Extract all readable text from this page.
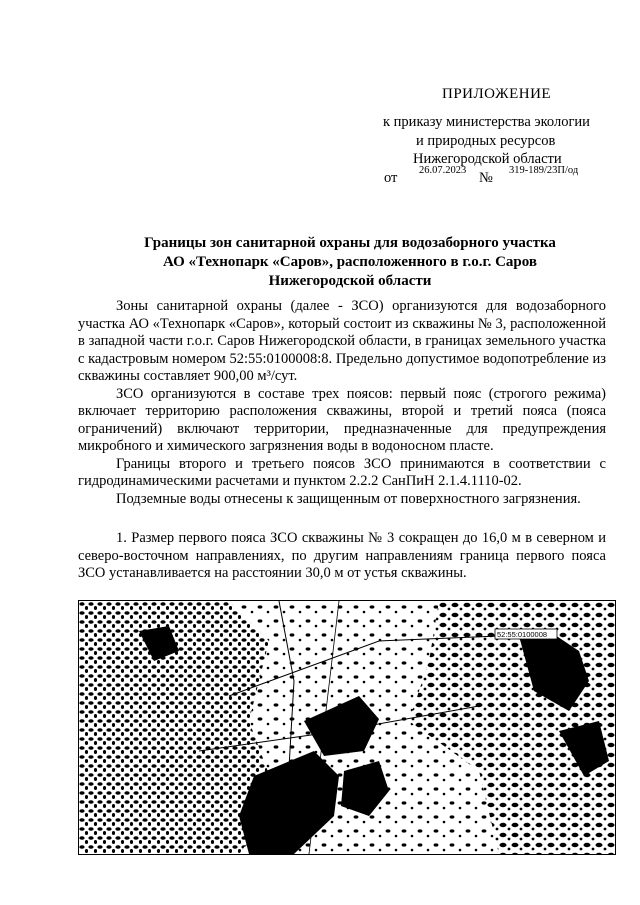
ПРИЛОЖЕНИЕ
к приказу министерства экологии
и природных ресурсов
Нижегородской области
от 26.07.2023 № 319-189/23П/од
Границы зон санитарной охраны для водозаборного участка
АО «Технопарк «Саров», расположенного в г.о.г. Саров
Нижегородской области

Зоны санитарной охраны (далее - ЗСО) организуются для водозаборного участка АО «Технопарк «Саров», который состоит из скважины № 3, расположенной в западной части г.о.г. Саров Нижегородской области, в границах земельного участка с кадастровым номером 52:55:0100008:8. Предельно допустимое водопотребление из скважины составляет 900,00 м³/сут.

ЗСО организуются в составе трех поясов: первый пояс (строгого режима) включает территорию расположения скважины, второй и третий пояса (пояса ограничений) включают территории, предназначенные для предупреждения микробного и химического загрязнения воды в водоносном пласте.

Границы второго и третьего поясов ЗСО принимаются в соответствии с гидродинамическими расчетами и пунктом 2.2.2 СанПиН 2.1.4.1110-02.

Подземные воды отнесены к защищенным от поверхностного загрязнения.

1. Размер первого пояса ЗСО скважины № 3 сокращен до 16,0 м в северном и северо-восточном направлениях, по другим направлениям граница первого пояса ЗСО устанавливается на расстоянии 30,0 м от устья скважины.

52:55:0100008
